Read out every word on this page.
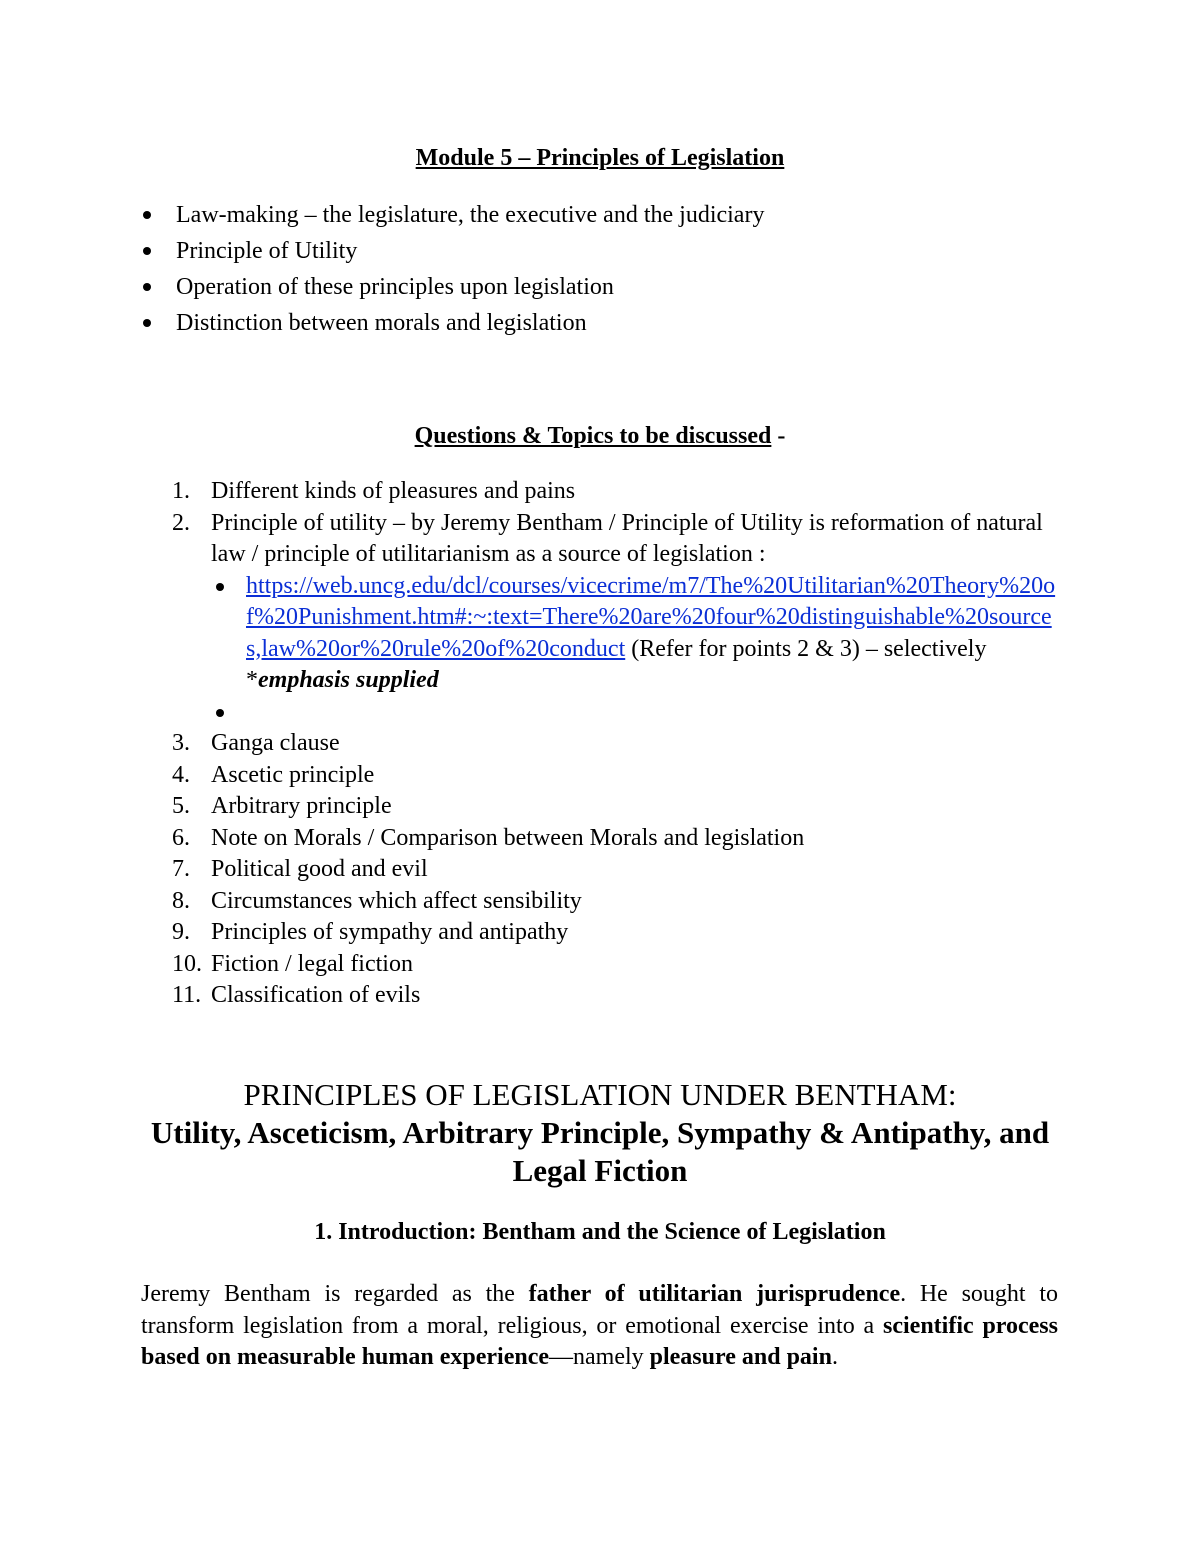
Module 5 – Principles of Legislation
Law-making – the legislature, the executive and the judiciary
Principle of Utility
Operation of these principles upon legislation
Distinction between morals and legislation
Questions & Topics to be discussed -
1. Different kinds of pleasures and pains
2. Principle of utility – by Jeremy Bentham / Principle of Utility is reformation of natural law / principle of utilitarianism as a source of legislation :
https://web.uncg.edu/dcl/courses/vicecrime/m7/The%20Utilitarian%20Theory%20of%20Punishment.htm#:~:text=There%20are%20four%20distinguishable%20sources,law%20or%20rule%20of%20conduct (Refer for points 2 & 3) – selectively *emphasis supplied
3. Ganga clause
4. Ascetic principle
5. Arbitrary principle
6. Note on Morals / Comparison between Morals and legislation
7. Political good and evil
8. Circumstances which affect sensibility
9. Principles of sympathy and antipathy
10. Fiction / legal fiction
11. Classification of evils
PRINCIPLES OF LEGISLATION UNDER BENTHAM:
Utility, Asceticism, Arbitrary Principle, Sympathy & Antipathy, and
Legal Fiction
1. Introduction: Bentham and the Science of Legislation
Jeremy Bentham is regarded as the father of utilitarian jurisprudence. He sought to transform legislation from a moral, religious, or emotional exercise into a scientific process based on measurable human experience—namely pleasure and pain.
